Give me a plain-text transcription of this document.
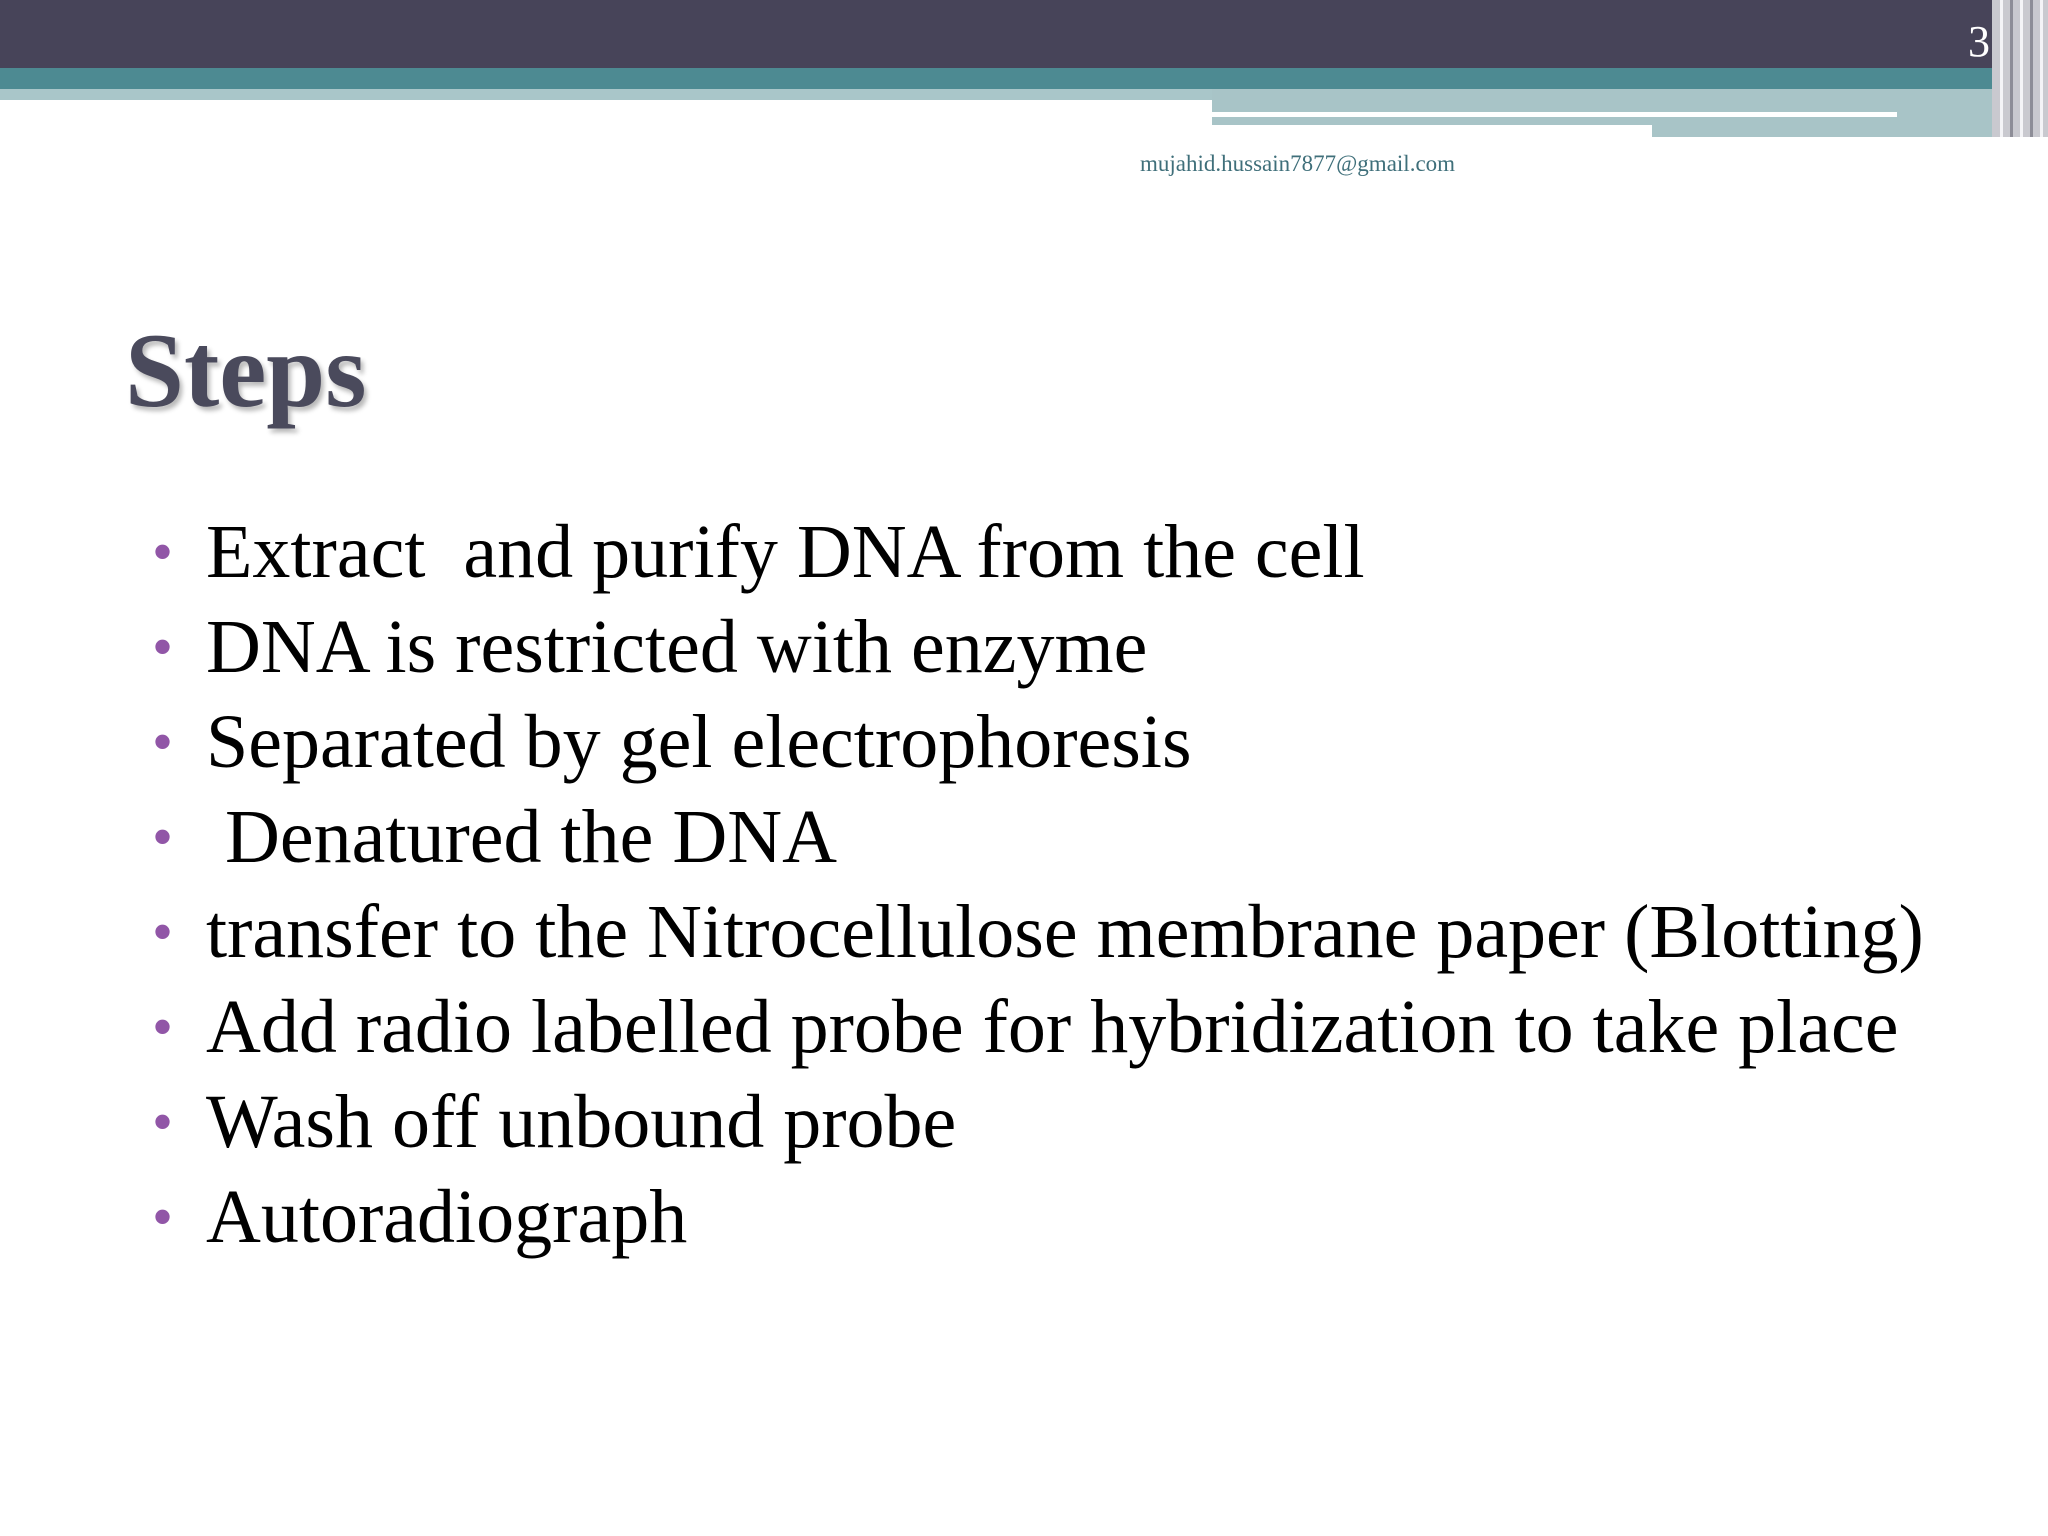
3
mujahid.hussain7877@gmail.com
Steps
• Extract  and purify DNA from the cell
• DNA is restricted with enzyme
• Separated by gel electrophoresis
• Denatured the DNA
• transfer to the Nitrocellulose membrane paper (Blotting)
• Add radio labelled probe for hybridization to take place
• Wash off unbound probe
• Autoradiograph
